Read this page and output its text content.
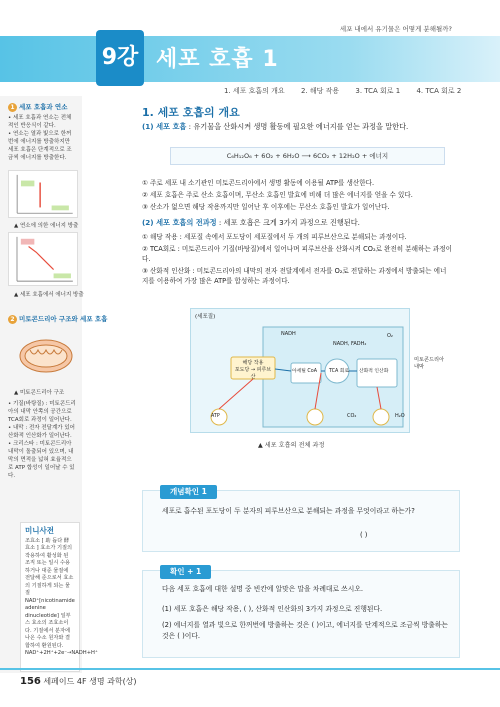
세포 내에서 유기물은 어떻게 분해될까?
9강 세포 호흡 1
1. 세포 호흡의 개요 2. 해당 작용 3. TCA 회로 1 4. TCA 회로 2
1 세포 호흡과 연소
• 세포 호흡과 연소는 전체적인 반응식이 같다.
• 연소는 열과 빛으로 한꺼번에 에너지를 방출하지만 세포 호흡은 단계적으로 조금씩 에너지를 방출한다.
▲ 연소에 의한 에너지 방출
▲ 세포 호흡에서 에너지 방출
2 미토콘드리아 구조와 세포 호흡
▲ 미토콘드리아 구조
• 기질(바탕질) : 미토콘드리아의 내막 안쪽의 공간으로 TCA회로 과정이 일어난다.
• 내막 : 전자 전달계가 있어 산화적 인산화가 일어난다.
• 크리스타 : 미토콘드리아 내막이 돌출되어 있으며, 내막의 면적을 넓혀 효율적으로 ATP 합성이 일어날 수 있다.
미니사전
조효소 [ 助 돕다 酵 효소 ] 효소가 기질의 작용하여 활성화 된 조직 또는 일시 수용하거나 대준 물질에 전달해 준으로서 효소의 기질하게 되는 물질
NAD⁺[nicotinamide adenine dinucleotide] 일부스 효소의 조효소이다. 기질에서 분자에 나온 수소 원자와 결합하여 환원된다.
NAD⁺+2H⁺+2e⁻→NADH+H⁺
1. 세포 호흡의 개요
(1) 세포 호흡 : 유기물을 산화시켜 생명 활동에 필요한 에너지를 얻는 과정을 말한다.
C₆H₁₂O₆ + 6O₂ + 6H₂O ⟶ 6CO₂ + 12H₂O + 에너지
① 주로 세포 내 소기관인 미토콘드리아에서 생명 활동에 이용될 ATP를 생산한다.
② 세포 호흡은 주로 산소 호흡이며, 무산소 호흡인 발효에 비해 더 많은 에너지를 얻을 수 있다.
③ 산소가 없으면 해당 작용까지만 일어난 후 이후에는 무산소 호흡인 발효가 일어난다.
(2) 세포 호흡의 전과정 : 세포 호흡은 크게 3가지 과정으로 진행된다.
① 해당 작용 : 세포질 속에서 포도당이 세포질에서 두 개의 피루브산으로 분해되는 과정이다.
② TCA회로 : 미토콘드리아 기질(바탕질)에서 일어나며 피루브산을 산화시켜 CO₂로 완전히 분해하는 과정이다.
③ 산화적 인산화 : 미토콘드리아의 내막의 전자 전달계에서 전자를 O₂로 전달하는 과정에서 방출되는 에너지를 이용하여 가장 많은 ATP를 합성하는 과정이다.
(세포질)
해당 작용
포도당 → 피루브산
아세틸 CoA	TCA 회로 산화적 인산화
NADH
NADH, FADH₂
O₂
CO₂	H₂O
ATP
미토콘드리아
내막
▲ 세포 호흡의 전체 과정
개념확인 1
세포로 흡수된 포도당이 두 분자의 피루브산으로 분해되는 과정을 무엇이라고 하는가?
( )
확인 + 1
다음 세포 호흡에 대한 설명 중 빈칸에 알맞은 말을 차례대로 쓰시오.
(1) 세포 호흡은 해당 작용, ( ), 산화적 인산화의 3가지 과정으로 진행된다.
(2) 에너지를 열과 빛으로 한꺼번에 방출하는 것은 ( )이고, 에너지를 단계적으로 조금씩 방출하는 것은 ( )이다.
156 세페이드 4F 생명 과학(상)
